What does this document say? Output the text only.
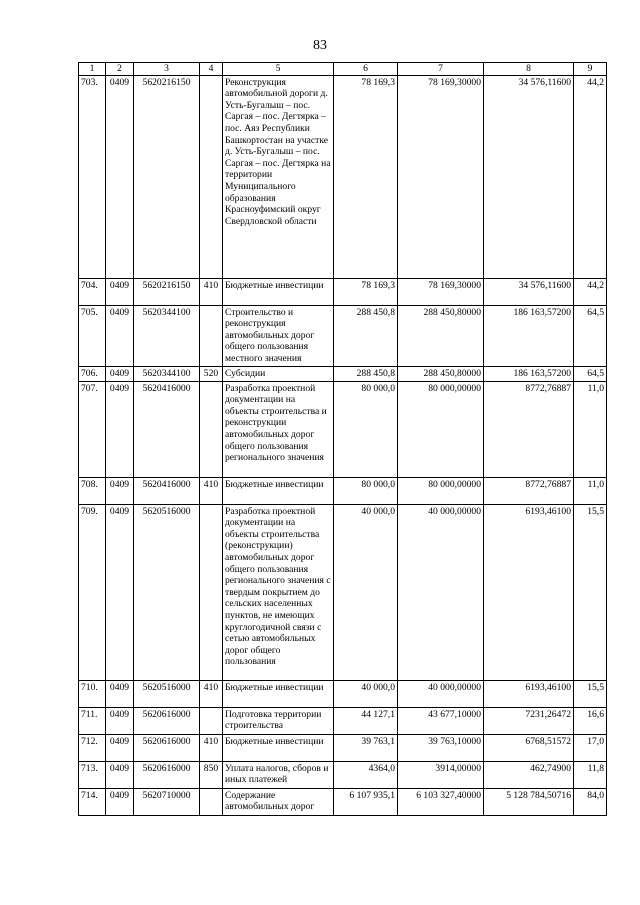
83
1	2	3	4	5	6	7	8	9
703.	0409	5620216150		Реконструкция автомобильной дороги д. Усть-Бугалыш – пос. Саргая – пос. Дегтярка – пос. Аяз Республики Башкортостан на участке д. Усть-Бугалыш – пос. Саргая – пос. Дегтярка на территории Муниципального образования Красноуфимский округ Свердловской области	78 169,3	78 169,30000	34 576,11600	44,2
704.	0409	5620216150	410	Бюджетные инвестиции	78 169,3	78 169,30000	34 576,11600	44,2
705.	0409	5620344100		Строительство и реконструкция автомобильных дорог общего пользования местного значения	288 450,8	288 450,80000	186 163,57200	64,5
706.	0409	5620344100	520	Субсидии	288 450,8	288 450,80000	186 163,57200	64,5
707.	0409	5620416000		Разработка проектной документации на объекты строительства и реконструкции автомобильных дорог общего пользования регионального значения	80 000,0	80 000,00000	8772,76887	11,0
708.	0409	5620416000	410	Бюджетные инвестиции	80 000,0	80 000,00000	8772,76887	11,0
709.	0409	5620516000		Разработка проектной документации на объекты строительства (реконструкции) автомобильных дорог общего пользования регионального значения с твердым покрытием до сельских населенных пунктов, не имеющих круглогодичной связи с сетью автомобильных дорог общего пользования	40 000,0	40 000,00000	6193,46100	15,5
710.	0409	5620516000	410	Бюджетные инвестиции	40 000,0	40 000,00000	6193,46100	15,5
711.	0409	5620616000		Подготовка территории строительства	44 127,1	43 677,10000	7231,26472	16,6
712.	0409	5620616000	410	Бюджетные инвестиции	39 763,1	39 763,10000	6768,51572	17,0
713.	0409	5620616000	850	Уплата налогов, сборов и иных платежей	4364,0	3914,00000	462,74900	11,8
714.	0409	5620710000		Содержание автомобильных дорог	6 107 935,1	6 103 327,40000	5 128 784,50716	84,0
